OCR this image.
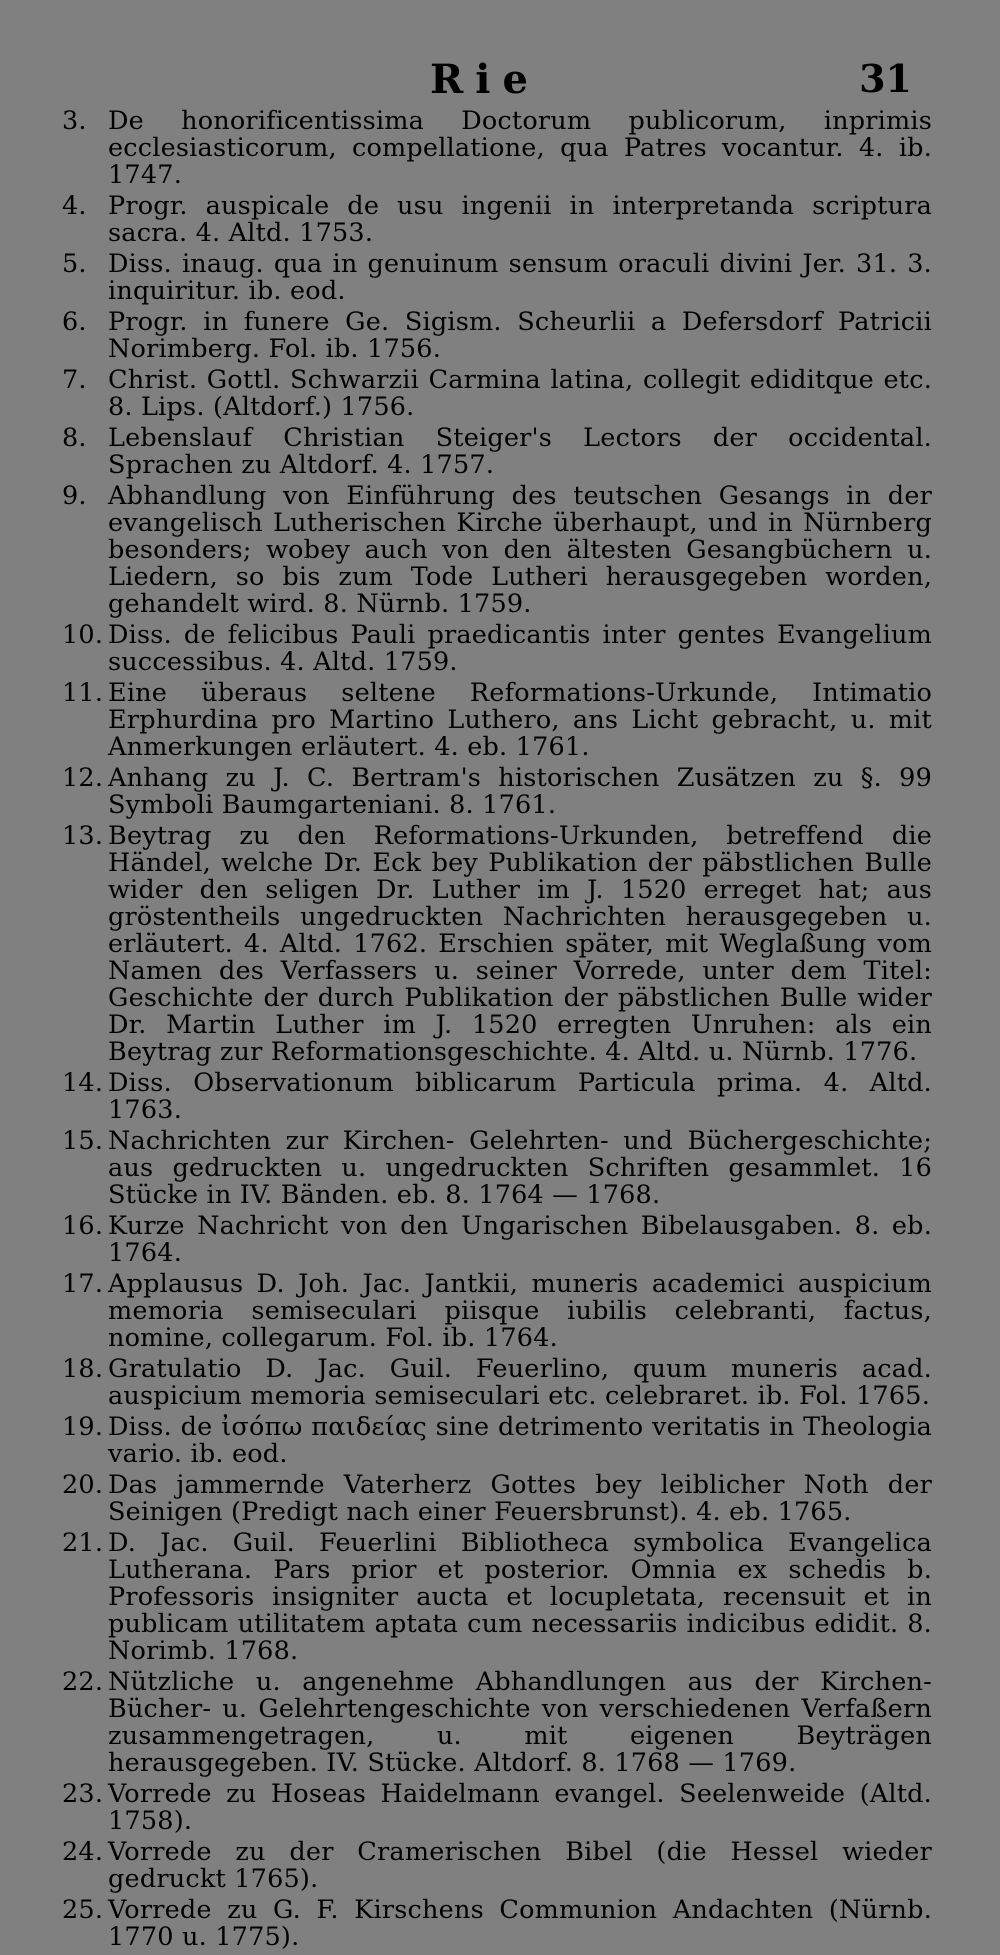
Rie	31
3. De honorificentissima Doctorum publicorum, inprimis ecclesiasticorum, compellatione, qua Patres vocantur. 4. ib. 1747.
4. Progr. auspicale de usu ingenii in interpretanda scriptura sacra. 4. Altd. 1753.
5. Diss. inaug. qua in genuinum sensum oraculi divini Jer. 31. 3. inquiritur. ib. eod.
6. Progr. in funere Ge. Sigism. Scheurlii a Defersdorf Patricii Norimberg. Fol. ib. 1756.
7. Christ. Gottl. Schwarzii Carmina latina, collegit ediditque etc. 8. Lips. (Altdorf.) 1756.
8. Lebenslauf Christian Steiger's Lectors der occidental. Sprachen zu Altdorf. 4. 1757.
9. Abhandlung von Einführung des teutschen Gesangs in der evangelisch Lutherischen Kirche überhaupt, und in Nürnberg besonders; wobey auch von den ältesten Gesangbüchern u. Liedern, so bis zum Tode Lutheri herausgegeben worden, gehandelt wird. 8. Nürnb. 1759.
10. Diss. de felicibus Pauli praedicantis inter gentes Evangelium successibus. 4. Altd. 1759.
11. Eine überaus seltene Reformations-Urkunde, Intimatio Erphurdina pro Martino Luthero, ans Licht gebracht, u. mit Anmerkungen erläutert. 4. eb. 1761.
12. Anhang zu J. C. Bertram's historischen Zusätzen zu §. 99 Symboli Baumgarteniani. 8. 1761.
13. Beytrag zu den Reformations-Urkunden, betreffend die Händel, welche Dr. Eck bey Publikation der päbstlichen Bulle wider den seligen Dr. Luther im J. 1520 erreget hat; aus gröstentheils ungedruckten Nachrichten herausgegeben u. erläutert. 4. Altd. 1762. Erschien später, mit Weglaßung vom Namen des Verfassers u. seiner Vorrede, unter dem Titel: Geschichte der durch Publikation der päbstlichen Bulle wider Dr. Martin Luther im J. 1520 erregten Unruhen: als ein Beytrag zur Reformationsgeschichte. 4. Altd. u. Nürnb. 1776.
14. Diss. Observationum biblicarum Particula prima. 4. Altd. 1763.
15. Nachrichten zur Kirchen- Gelehrten- und Büchergeschichte; aus gedruckten u. ungedruckten Schriften gesammlet. 16 Stücke in IV. Bänden. eb. 8. 1764 — 1768.
16. Kurze Nachricht von den Ungarischen Bibelausgaben. 8. eb. 1764.
17. Applausus D. Joh. Jac. Jantkii, muneris academici auspicium memoria semiseculari piisque iubilis celebranti, factus, nomine, collegarum. Fol. ib. 1764.
18. Gratulatio D. Jac. Guil. Feuerlino, quum muneris acad. auspicium memoria semiseculari etc. celebraret. ib. Fol. 1765.
19. Diss. de ἰσόπω παιδείας sine detrimento veritatis in Theologia vario. ib. eod.
20. Das jammernde Vaterherz Gottes bey leiblicher Noth der Seinigen (Predigt nach einer Feuersbrunst). 4. eb. 1765.
21. D. Jac. Guil. Feuerlini Bibliotheca symbolica Evangelica Lutherana. Pars prior et posterior. Omnia ex schedis b. Professoris insigniter aucta et locupletata, recensuit et in publicam utilitatem aptata cum necessariis indicibus edidit. 8. Norimb. 1768.
22. Nützliche u. angenehme Abhandlungen aus der Kirchen-Bücher- u. Gelehrtengeschichte von verschiedenen Verfaßern zusammengetragen, u. mit eigenen Beyträgen herausgegeben. IV. Stücke. Altdorf. 8. 1768 — 1769.
23. Vorrede zu Hoseas Haidelmann evangel. Seelenweide (Altd. 1758).
24. Vorrede zu der Cramerischen Bibel (die Hessel wieder gedruckt 1765).
25. Vorrede zu G. F. Kirschens Communion Andachten (Nürnb. 1770 u. 1775).
